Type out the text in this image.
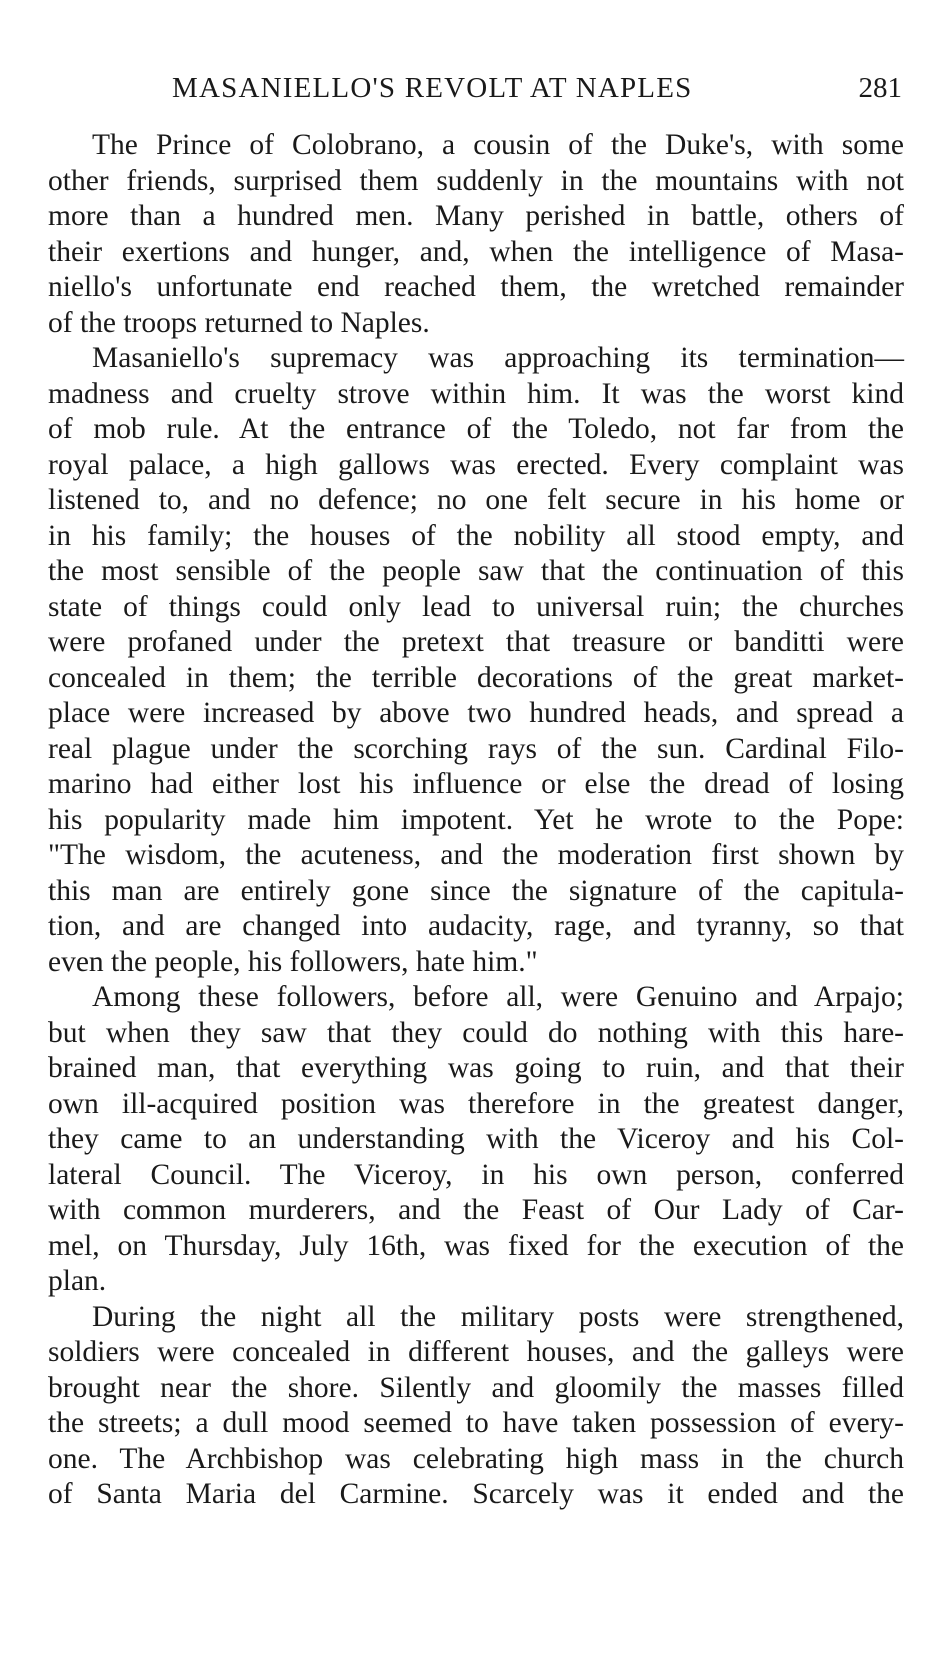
MASANIELLO'S REVOLT AT NAPLES	281
The Prince of Colobrano, a cousin of the Duke's, with some
other friends, surprised them suddenly in the mountains with not
more than a hundred men. Many perished in battle, others of
their exertions and hunger, and, when the intelligence of Masa-
niello's unfortunate end reached them, the wretched remainder
of the troops returned to Naples.
Masaniello's supremacy was approaching its termination—
madness and cruelty strove within him. It was the worst kind
of mob rule. At the entrance of the Toledo, not far from the
royal palace, a high gallows was erected. Every complaint was
listened to, and no defence; no one felt secure in his home or
in his family; the houses of the nobility all stood empty, and
the most sensible of the people saw that the continuation of this
state of things could only lead to universal ruin; the churches
were profaned under the pretext that treasure or banditti were
concealed in them; the terrible decorations of the great market-
place were increased by above two hundred heads, and spread a
real plague under the scorching rays of the sun. Cardinal Filo-
marino had either lost his influence or else the dread of losing
his popularity made him impotent. Yet he wrote to the Pope:
"The wisdom, the acuteness, and the moderation first shown by
this man are entirely gone since the signature of the capitula-
tion, and are changed into audacity, rage, and tyranny, so that
even the people, his followers, hate him."
Among these followers, before all, were Genuino and Arpajo;
but when they saw that they could do nothing with this hare-
brained man, that everything was going to ruin, and that their
own ill-acquired position was therefore in the greatest danger,
they came to an understanding with the Viceroy and his Col-
lateral Council. The Viceroy, in his own person, conferred
with common murderers, and the Feast of Our Lady of Car-
mel, on Thursday, July 16th, was fixed for the execution of the
plan.
During the night all the military posts were strengthened,
soldiers were concealed in different houses, and the galleys were
brought near the shore. Silently and gloomily the masses filled
the streets; a dull mood seemed to have taken possession of every-
one. The Archbishop was celebrating high mass in the church
of Santa Maria del Carmine. Scarcely was it ended and the
